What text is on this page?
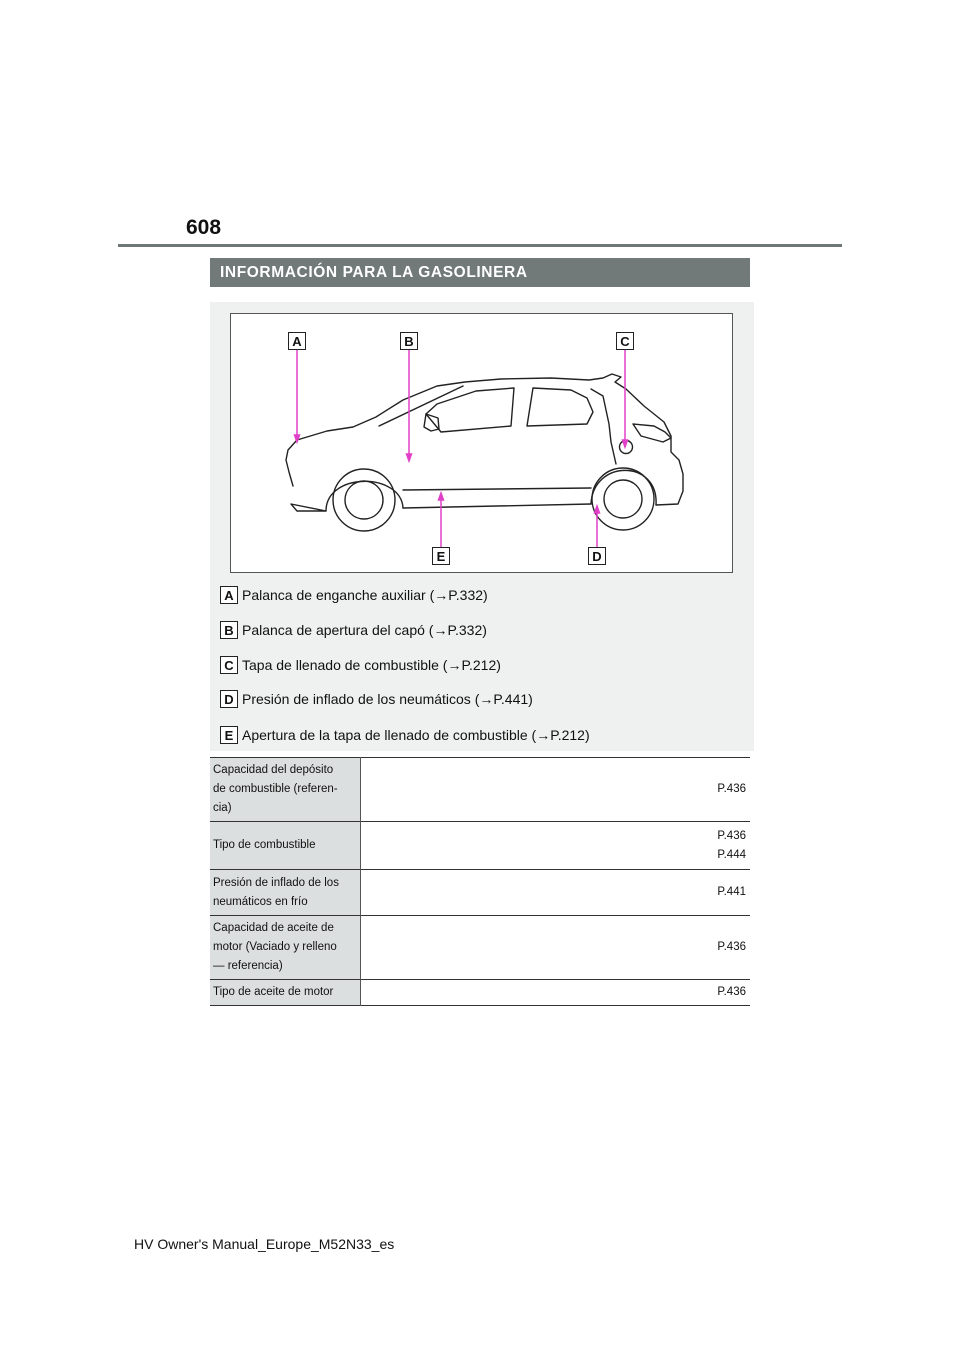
608
INFORMACIÓN PARA LA GASOLINERA
A	B	C
D
E
A Palanca de enganche auxiliar (→P.332)
B Palanca de apertura del capó (→P.332)
C Tapa de llenado de combustible (→P.212)
D Presión de inflado de los neumáticos (→P.441)
E Apertura de la tapa de llenado de combustible (→P.212)
Capacidad del depósito
de combustible (referen-
cia)	P.436

Tipo de combustible	P.436
P.444

Presión de inflado de los
neumáticos en frío	P.441

Capacidad de aceite de
motor (Vaciado y relleno
— referencia)	P.436

Tipo de aceite de motor	P.436
HV Owner's Manual_Europe_M52N33_es
